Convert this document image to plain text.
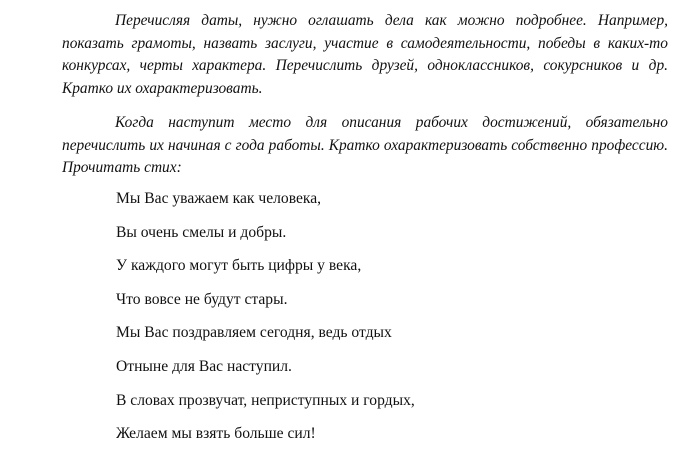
Перечисляя даты, нужно оглашать дела как можно подробнее. Например, показать грамоты, назвать заслуги, участие в самодеятельности, победы в каких-то конкурсах, черты характера. Перечислить друзей, одноклассников, сокурсников и др. Кратко их охарактеризовать.

Когда наступит место для описания рабочих достижений, обязательно перечислить их начиная с года работы. Кратко охарактеризовать собственно профессию. Прочитать стих:

Мы Вас уважаем как человека,
Вы очень смелы и добры.
У каждого могут быть цифры у века,
Что вовсе не будут стары.
Мы Вас поздравляем сегодня, ведь отдых
Отныне для Вас наступил.
В словах прозвучат, неприступных и гордых,
Желаем мы взять больше сил!
